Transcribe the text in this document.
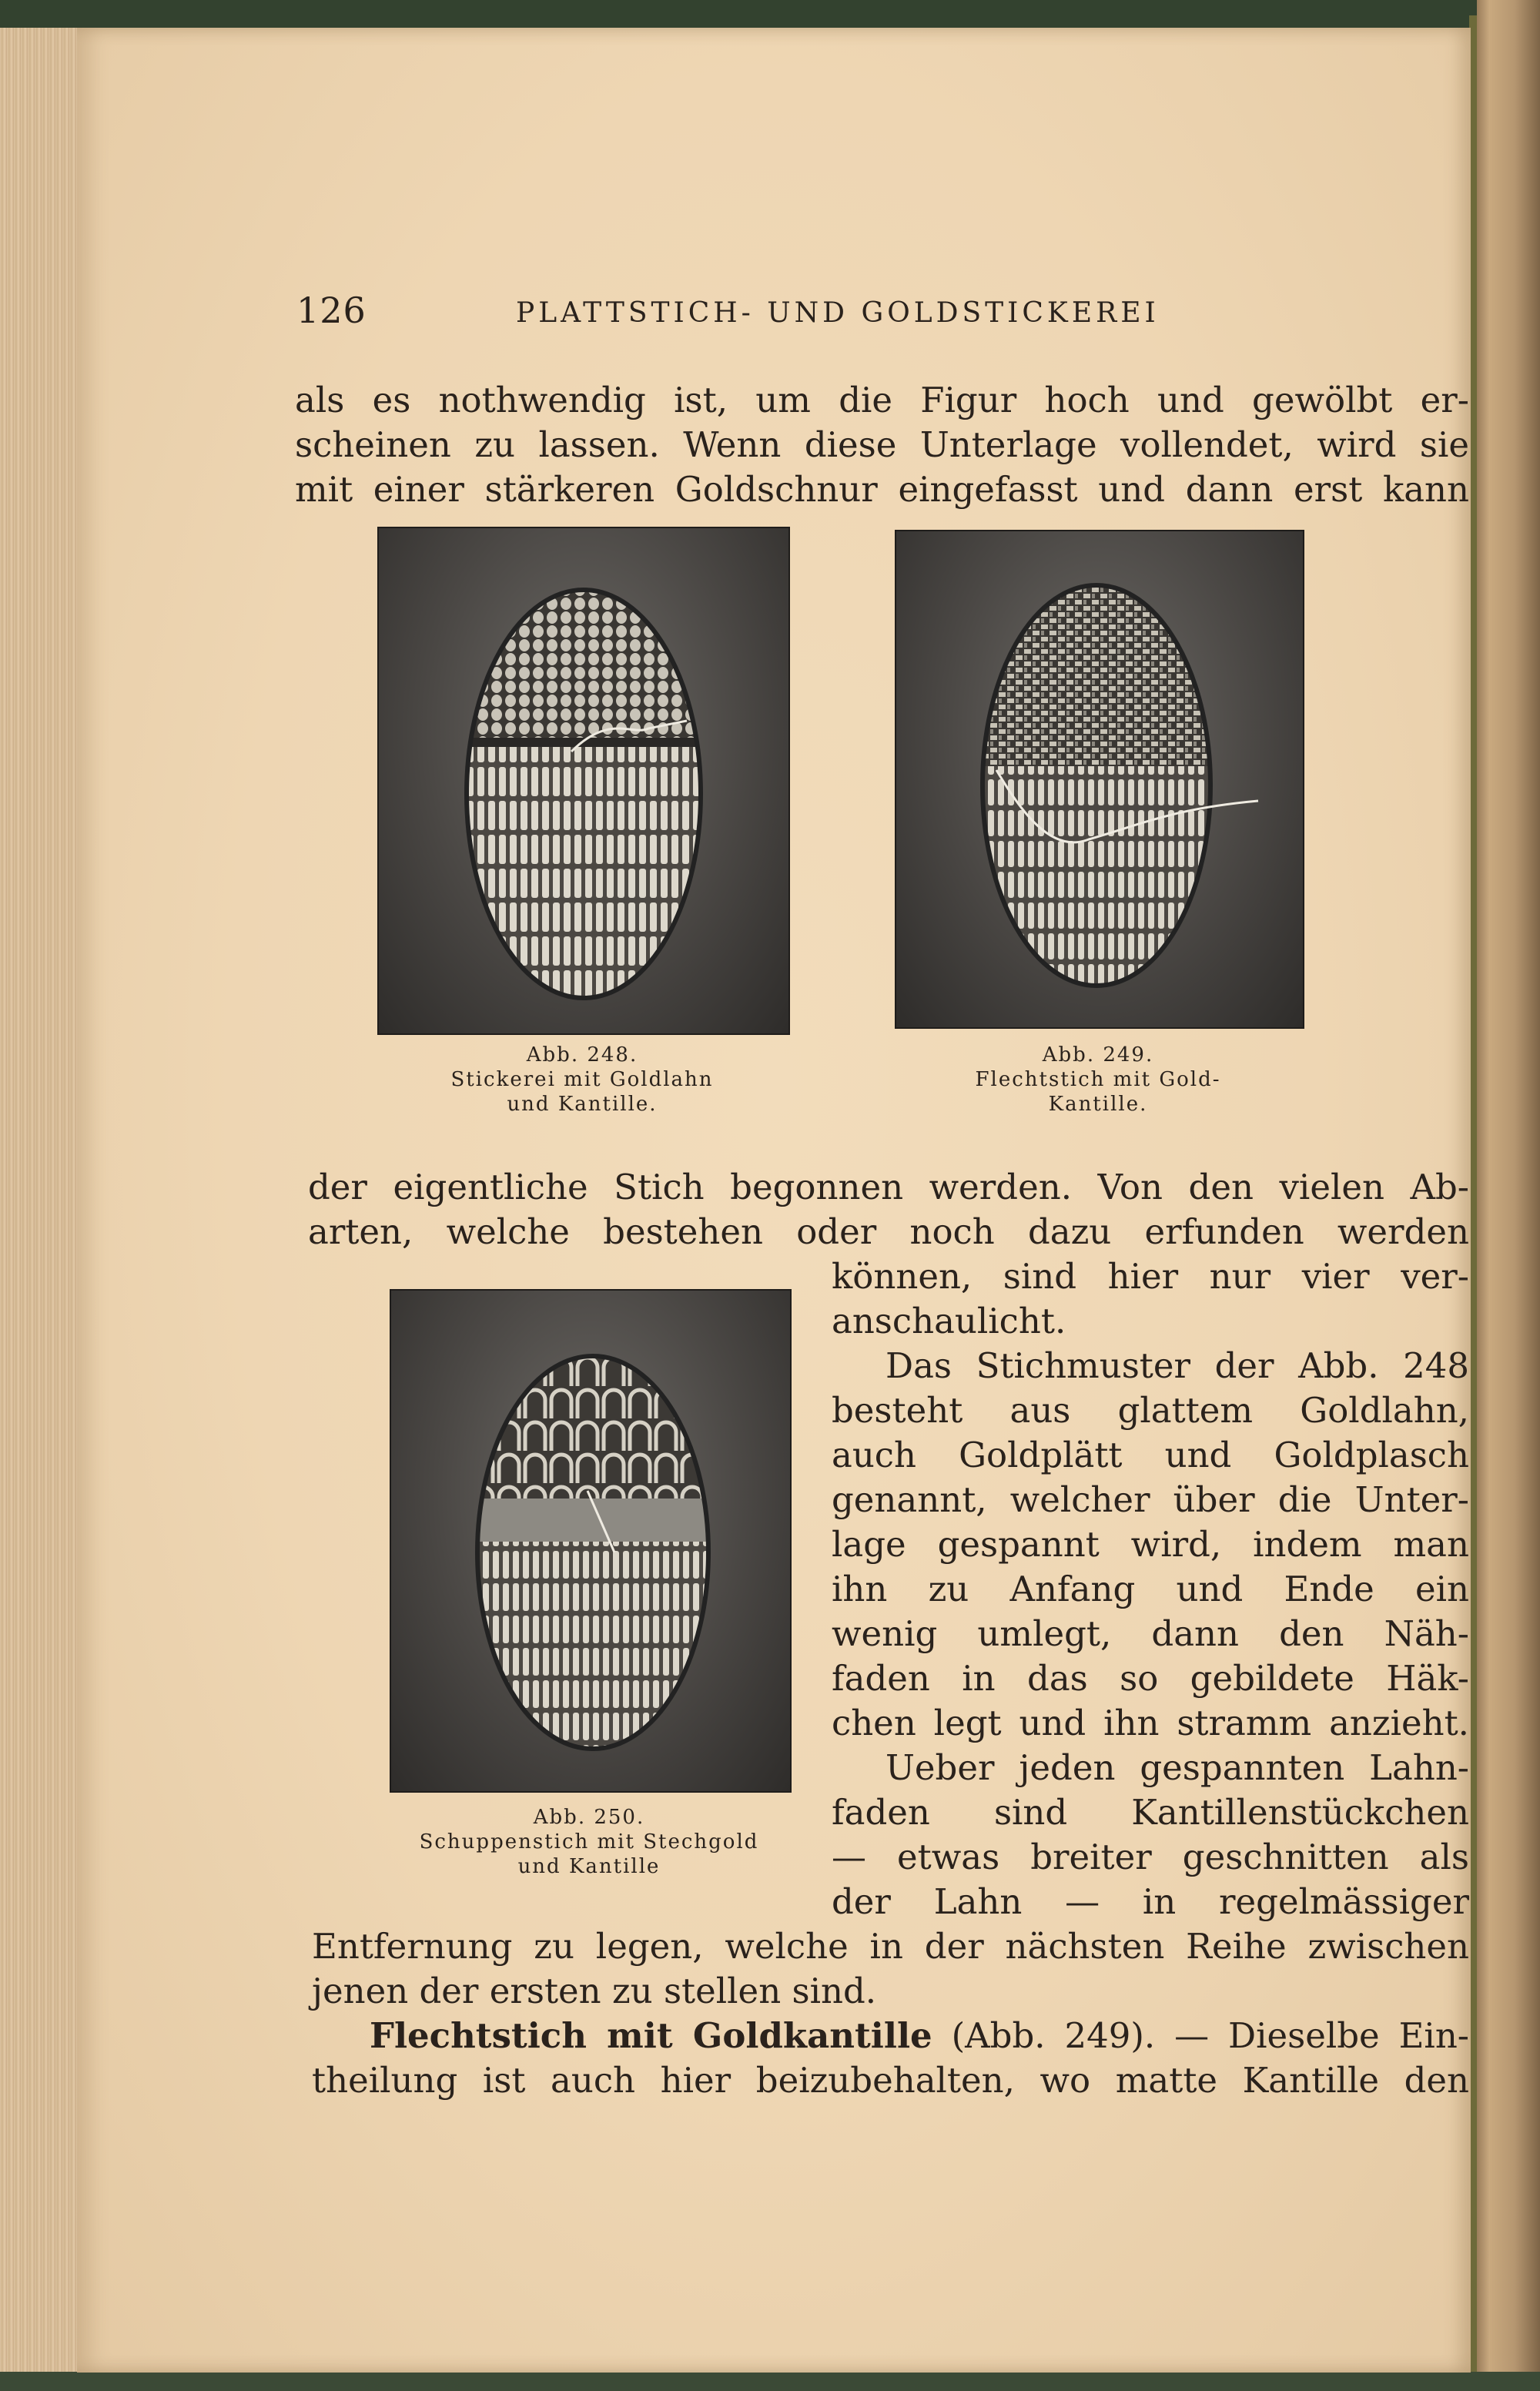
126	PLATTSTICH- UND GOLDSTICKEREI
als es nothwendig ist, um die Figur hoch und gewölbt er-
scheinen zu lassen. Wenn diese Unterlage vollendet, wird sie
mit einer stärkeren Goldschnur eingefasst und dann erst kann
Abb. 248.
Stickerei mit Goldlahn
und Kantille.
Abb. 249.
Flechtstich mit Gold-
Kantille.
der eigentliche Stich begonnen werden. Von den vielen Ab-
arten, welche bestehen oder noch dazu erfunden werden
Abb. 250.
Schuppenstich mit Stechgold
und Kantille
können, sind hier nur vier ver-
anschaulicht.
Das Stichmuster der Abb. 248
besteht aus glattem Goldlahn,
auch Goldplätt und Goldplasch
genannt, welcher über die Unter-
lage gespannt wird, indem man
ihn zu Anfang und Ende ein
wenig umlegt, dann den Näh-
faden in das so gebildete Häk-
chen legt und ihn stramm anzieht.
Ueber jeden gespannten Lahn-
faden sind Kantillenstückchen
— etwas breiter geschnitten als
der Lahn — in regelmässiger
Entfernung zu legen, welche in der nächsten Reihe zwischen
jenen der ersten zu stellen sind.
Flechtstich mit Goldkantille (Abb. 249). — Dieselbe Ein-
theilung ist auch hier beizubehalten, wo matte Kantille den
